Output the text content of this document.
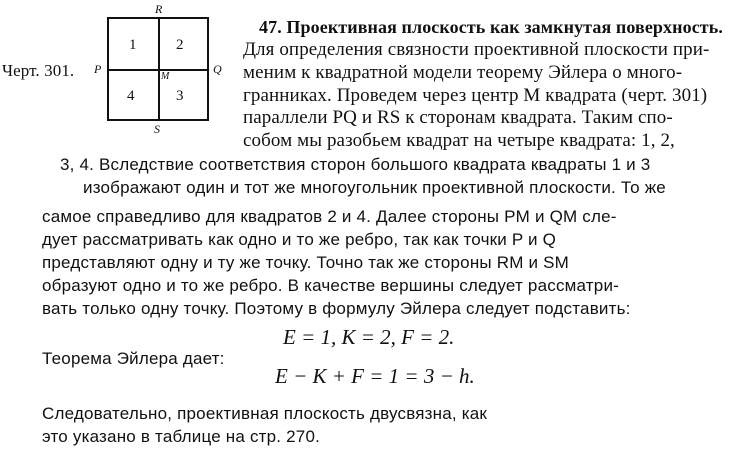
Черт. 301.
1	2
4	3
R
P	Q
S
M
47. Проективная плоскость как замкнутая поверхность.
Для определения связности проективной плоскости при-
меним к квадратной модели теорему Эйлера о много-
гранниках. Проведем через центр M квадрата (черт. 301)
параллели PQ и RS к сторонам квадрата. Таким спо-
собом мы разобьем квадрат на четыре квадрата: 1, 2,
3, 4. Вследствие соответствия сторон большого квадрата квадраты 1 и 3
изображают один и тот же многоугольник проективной плоскости. То же
самое справедливо для квадратов 2 и 4. Далее стороны PM и QM сле-
дует рассматривать как одно и то же ребро, так как точки P и Q
представляют одну и ту же точку. Точно так же стороны RM и SM
образуют одно и то же ребро. В качестве вершины следует рассматри-
вать только одну точку. Поэтому в формулу Эйлера следует подставить:
E = 1, K = 2, F = 2.
Теорема Эйлера дает:
E − K + F = 1 = 3 − h.
Следовательно, проективная плоскость двусвязна, как
это указано в таблице на стр. 270.
